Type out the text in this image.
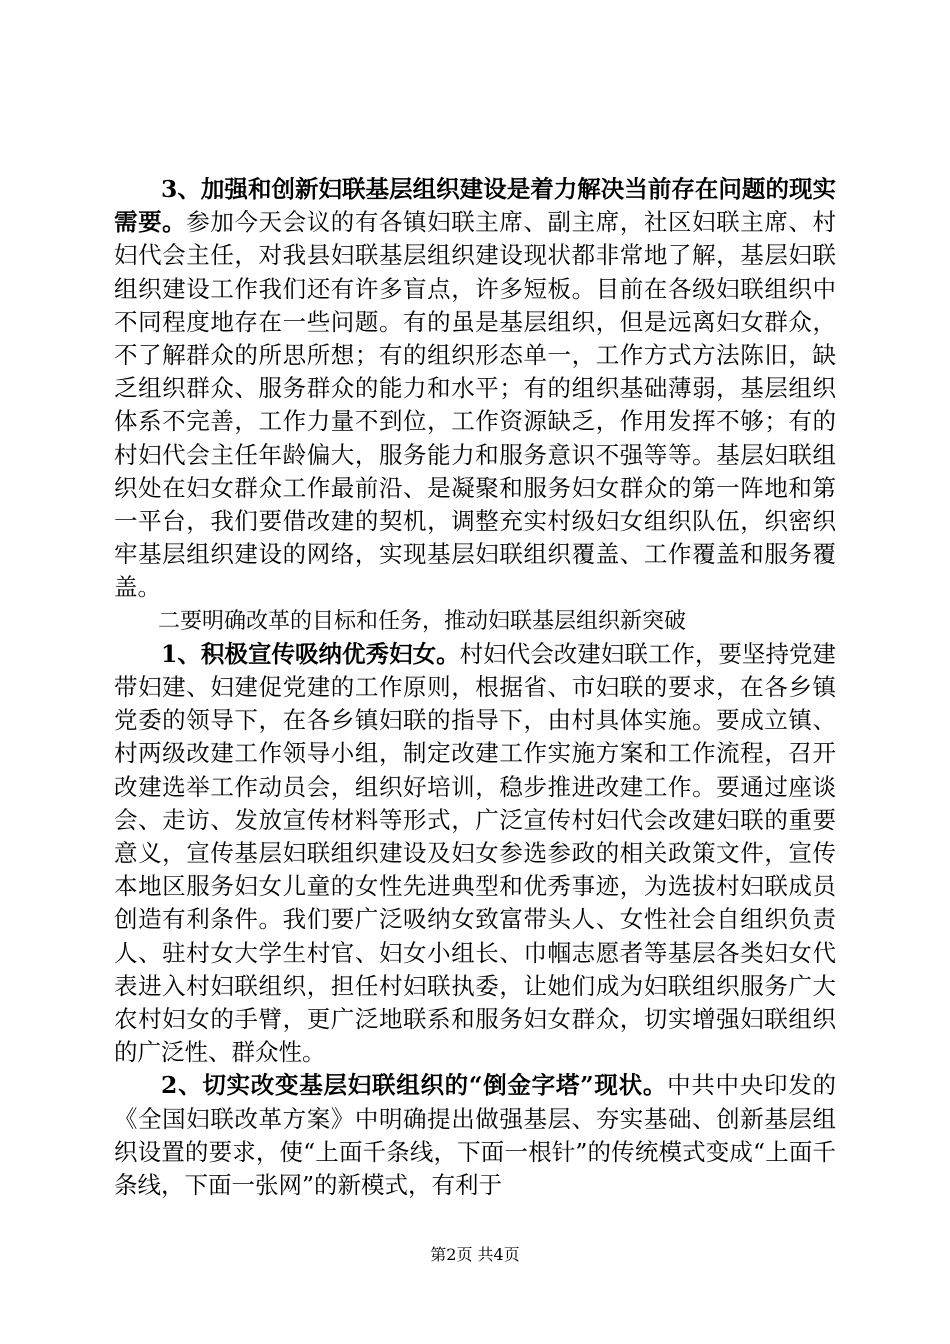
3、加强和创新妇联基层组织建设是着力解决当前存在问题的现实需要。参加今天会议的有各镇妇联主席、副主席，社区妇联主席、村妇代会主任，对我县妇联基层组织建设现状都非常地了解，基层妇联组织建设工作我们还有许多盲点，许多短板。目前在各级妇联组织中不同程度地存在一些问题。有的虽是基层组织，但是远离妇女群众，不了解群众的所思所想；有的组织形态单一，工作方式方法陈旧，缺乏组织群众、服务群众的能力和水平；有的组织基础薄弱，基层组织体系不完善，工作力量不到位，工作资源缺乏，作用发挥不够；有的村妇代会主任年龄偏大，服务能力和服务意识不强等等。基层妇联组织处在妇女群众工作最前沿、是凝聚和服务妇女群众的第一阵地和第一平台，我们要借改建的契机，调整充实村级妇女组织队伍，织密织牢基层组织建设的网络，实现基层妇联组织覆盖、工作覆盖和服务覆盖。

二要明确改革的目标和任务，推动妇联基层组织新突破

1、积极宣传吸纳优秀妇女。村妇代会改建妇联工作，要坚持党建带妇建、妇建促党建的工作原则，根据省、市妇联的要求，在各乡镇党委的领导下，在各乡镇妇联的指导下，由村具体实施。要成立镇、村两级改建工作领导小组，制定改建工作实施方案和工作流程，召开改建选举工作动员会，组织好培训，稳步推进改建工作。要通过座谈会、走访、发放宣传材料等形式，广泛宣传村妇代会改建妇联的重要意义，宣传基层妇联组织建设及妇女参选参政的相关政策文件，宣传本地区服务妇女儿童的女性先进典型和优秀事迹，为选拔村妇联成员创造有利条件。我们要广泛吸纳女致富带头人、女性社会自组织负责人、驻村女大学生村官、妇女小组长、巾帼志愿者等基层各类妇女代表进入村妇联组织，担任村妇联执委，让她们成为妇联组织服务广大农村妇女的手臂，更广泛地联系和服务妇女群众，切实增强妇联组织的广泛性、群众性。

2、切实改变基层妇联组织的“倒金字塔”现状。中共中央印发的《全国妇联改革方案》中明确提出做强基层、夯实基础、创新基层组织设置的要求，使“上面千条线，下面一根针”的传统模式变成“上面千条线，下面一张网”的新模式，有利于

第2页 共4页
